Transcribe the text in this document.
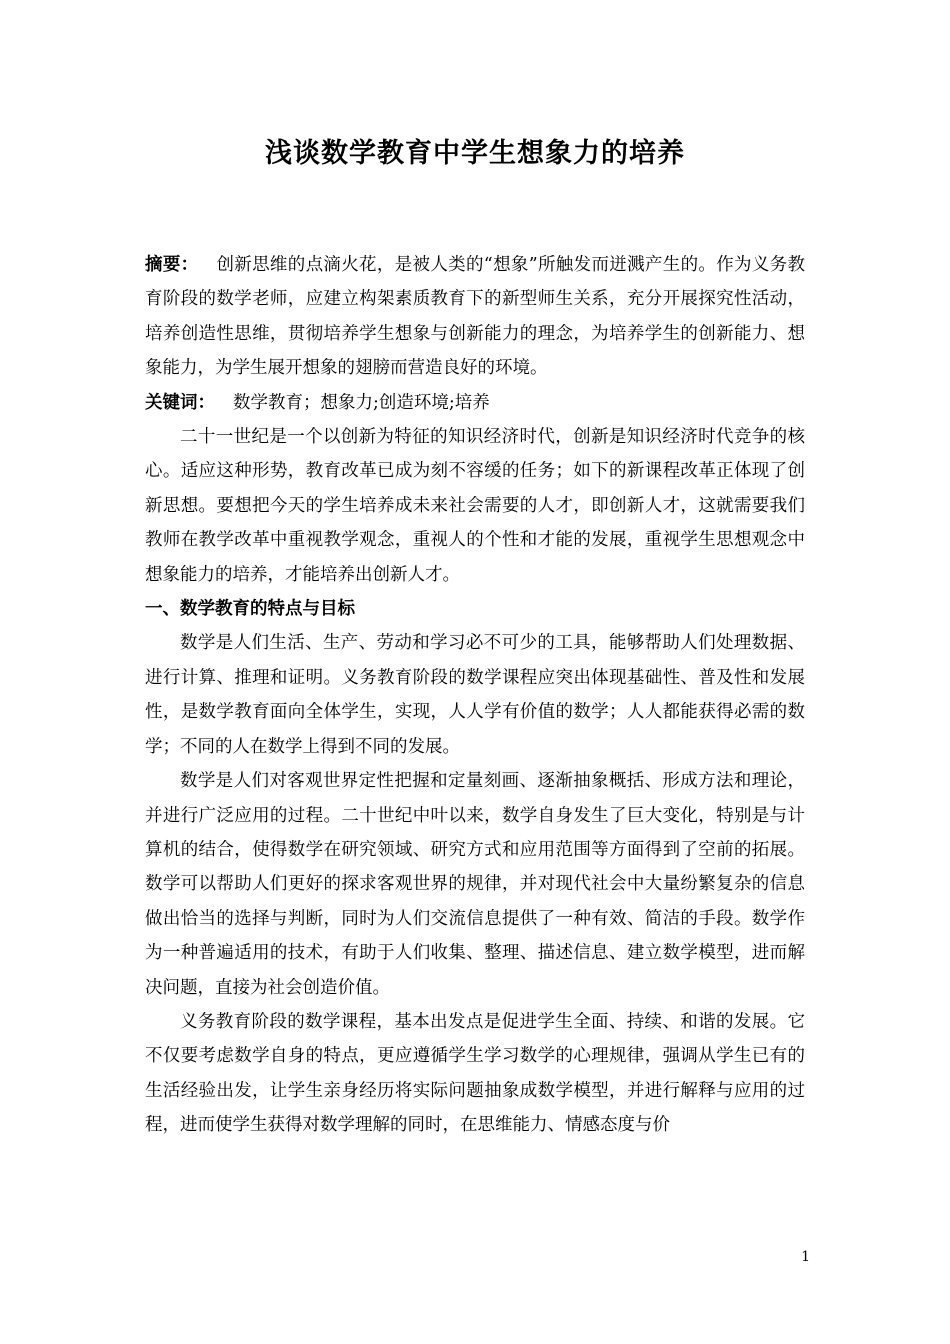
浅谈数学教育中学生想象力的培养

摘要： 创新思维的点滴火花，是被人类的“想象”所触发而迸溅产生的。作为义务教育阶段的数学老师，应建立构架素质教育下的新型师生关系，充分开展探究性活动，培养创造性思维，贯彻培养学生想象与创新能力的理念，为培养学生的创新能力、想象能力，为学生展开想象的翅膀而营造良好的环境。

关键词： 数学教育；想象力;创造环境;培养

二十一世纪是一个以创新为特征的知识经济时代，创新是知识经济时代竞争的核心。适应这种形势，教育改革已成为刻不容缓的任务；如下的新课程改革正体现了创新思想。要想把今天的学生培养成未来社会需要的人才，即创新人才，这就需要我们教师在教学改革中重视教学观念，重视人的个性和才能的发展，重视学生思想观念中想象能力的培养，才能培养出创新人才。

一、数学教育的特点与目标

数学是人们生活、生产、劳动和学习必不可少的工具，能够帮助人们处理数据、进行计算、推理和证明。义务教育阶段的数学课程应突出体现基础性、普及性和发展性，是数学教育面向全体学生，实现，人人学有价值的数学；人人都能获得必需的数学；不同的人在数学上得到不同的发展。

数学是人们对客观世界定性把握和定量刻画、逐渐抽象概括、形成方法和理论，并进行广泛应用的过程。二十世纪中叶以来，数学自身发生了巨大变化，特别是与计算机的结合，使得数学在研究领域、研究方式和应用范围等方面得到了空前的拓展。数学可以帮助人们更好的探求客观世界的规律，并对现代社会中大量纷繁复杂的信息做出恰当的选择与判断，同时为人们交流信息提供了一种有效、简洁的手段。数学作为一种普遍适用的技术，有助于人们收集、整理、描述信息、建立数学模型，进而解决问题，直接为社会创造价值。

义务教育阶段的数学课程，基本出发点是促进学生全面、持续、和谐的发展。它不仅要考虑数学自身的特点，更应遵循学生学习数学的心理规律，强调从学生已有的生活经验出发，让学生亲身经历将实际问题抽象成数学模型，并进行解释与应用的过程，进而使学生获得对数学理解的同时，在思维能力、情感态度与价

1
